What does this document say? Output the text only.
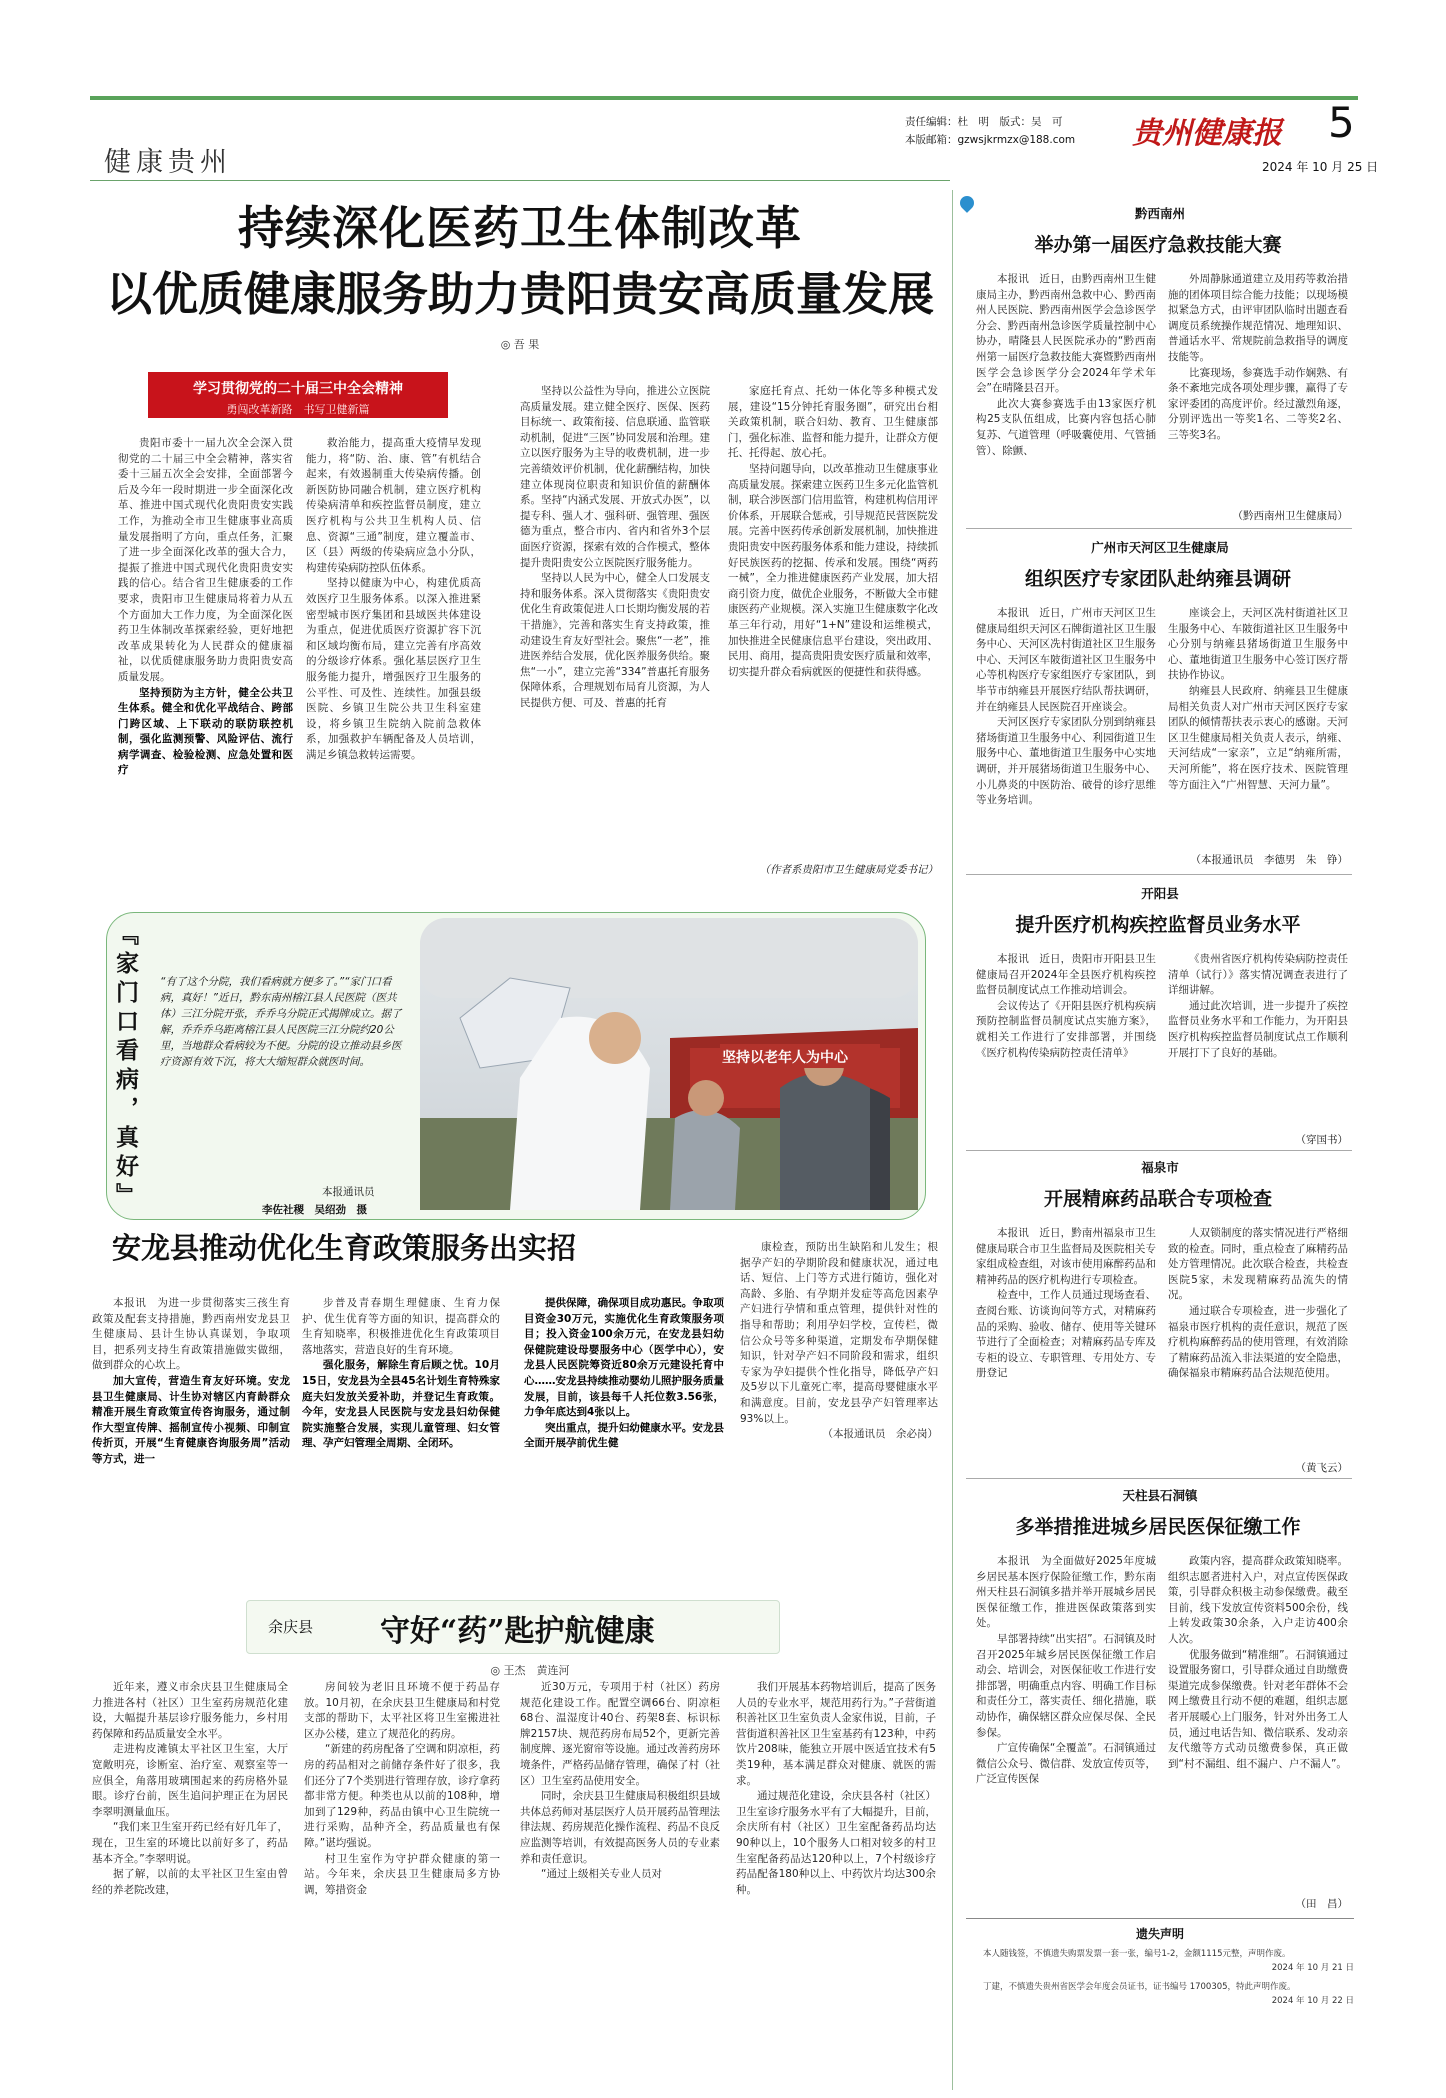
健康贵州
责任编辑：杜　明　版式：吴　可
本版邮箱：gzwsjkrmzx@188.com 贵州健康报 5
2024 年 10 月 25 日
持续深化医药卫生体制改革
以优质健康服务助力贵阳贵安高质量发展
◎ 吾 果
学习贯彻党的二十届三中全会精神
勇闯改革新路　书写卫健新篇

贵阳市委十一届九次全会深入贯彻党的二十届三中全会精神，落实省委十三届五次全会安排，全面部署今后及今年一段时期进一步全面深化改革、推进中国式现代化贵阳贵安实践工作，为推动全市卫生健康事业高质量发展指明了方向，重点任务，汇聚了进一步全面深化改革的强大合力，提振了推进中国式现代化贵阳贵安实践的信心。结合省卫生健康委的工作要求，贵阳市卫生健康局将着力从五个方面加大工作力度，为全面深化医药卫生体制改革探索经验，更好地把改革成果转化为人民群众的健康福祉，以优质健康服务助力贵阳贵安高质量发展。

坚持预防为主方针，健全公共卫生体系。健全和优化平战结合、跨部门跨区域、上下联动的联防联控机制，强化监测预警、风险评估、流行病学调查、检验检测、应急处置和医疗

救治能力，提高重大疫情早发现能力，将“防、治、康、管”有机结合起来，有效遏制重大传染病传播。创新医防协同融合机制，建立医疗机构传染病清单和疾控监督员制度，建立医疗机构与公共卫生机构人员、信息、资源“三通”制度，建立覆盖市、区（县）两级的传染病应急小分队，构建传染病防控队伍体系。

坚持以健康为中心，构建优质高效医疗卫生服务体系。以深入推进紧密型城市医疗集团和县域医共体建设为重点，促进优质医疗资源扩容下沉和区域均衡布局，建立完善有序高效的分级诊疗体系。强化基层医疗卫生服务能力提升，增强医疗卫生服务的公平性、可及性、连续性。加强县级医院、乡镇卫生院公共卫生科室建设，将乡镇卫生院纳入院前急救体系，加强救护车辆配备及人员培训，满足乡镇急救转运需要。

坚持以公益性为导向，推进公立医院高质量发展。建立健全医疗、医保、医药目标统一、政策衔接、信息联通、监管联动机制，促进“三医”协同发展和治理。建立以医疗服务为主导的收费机制，进一步完善绩效评价机制，优化薪酬结构，加快建立体现岗位职责和知识价值的薪酬体系。坚持“内涵式发展、开放式办医”，以提专科、强人才、强科研、强管理、强医德为重点，整合市内、省内和省外3个层面医疗资源，探索有效的合作模式，整体提升贵阳贵安公立医院医疗服务能力。

坚持以人民为中心，健全人口发展支持和服务体系。深入贯彻落实《贵阳贵安优化生育政策促进人口长期均衡发展的若干措施》，完善和落实生育支持政策，推动建设生育友好型社会。聚焦“一老”，推进医养结合发展，优化医养服务供给。聚焦“一小”，建立完善“334”普惠托育服务保障体系，合理规划布局育儿资源，为人民提供方便、可及、普惠的托育

家庭托育点、托幼一体化等多种模式发展，建设“15分钟托育服务圈”，研究出台相关政策机制，联合妇幼、教育、卫生健康部门，强化标准、监督和能力提升，让群众方便托、托得起、放心托。

坚持问题导向，以改革推动卫生健康事业高质量发展。探索建立医药卫生多元化监管机制，联合涉医部门信用监管，构建机构信用评价体系，开展联合惩戒，引导规范民营医院发展。完善中医药传承创新发展机制，加快推进贵阳贵安中医药服务体系和能力建设，持续抓好民族医药的挖掘、传承和发展。围绕“两药一械”，全力推进健康医药产业发展，加大招商引资力度，做优企业服务，不断做大全市健康医药产业规模。深入实施卫生健康数字化改革三年行动，用好“1+N”建设和运维模式，加快推进全民健康信息平台建设，突出政用、民用、商用，提高贵阳贵安医疗质量和效率，切实提升群众看病就医的便捷性和获得感。

（作者系贵阳市卫生健康局党委书记）
『家门口看病，真好』 “有了这个分院，我们看病就方便多了。”“家门口看病，真好！”近日，黔东南州榕江县人民医院（医共体）三江分院开张，乔乔乌分院正式揭牌成立。据了解，乔乔乔乌距离榕江县人民医院三江分院约20公里，当地群众看病较为不便。分院的设立推动县乡医疗资源有效下沉，将大大缩短群众就医时间。
本报通讯员
李佐社稷　吴绍劲　摄
坚持以老年人为中心
安龙县推动优化生育政策服务出实招

本报讯　为进一步贯彻落实三孩生育政策及配套支持措施，黔西南州安龙县卫生健康局、县计生协认真谋划，争取项目，把系列支持生育政策措施做实做细，做到群众的心坎上。

加大宣传，营造生育友好环境。安龙县卫生健康局、计生协对辖区内育龄群众精准开展生育政策宣传咨询服务，通过制作大型宣传牌、摇制宣传小视频、印制宣传折页，开展“生育健康咨询服务周”活动等方式，进一

步普及青春期生理健康、生育力保护、优生优育等方面的知识，提高群众的生育知晓率，积极推进优化生育政策项目落地落实，营造良好的生育环境。

强化服务，解除生育后顾之忧。10月15日，安龙县为全县45名计划生育特殊家庭夫妇发放关爱补助，并登记生育政策。今年，安龙县人民医院与安龙县妇幼保健院实施整合发展，实现儿童管理、妇女管理、孕产妇管理全周期、全闭环。

提供保障，确保项目成功惠民。争取项目资金30万元，实施优化生育政策服务项目；投入资金100余万元，在安龙县妇幼保健院建设母婴服务中心（医学中心），安龙县人民医院筹资近80余万元建设托育中心……安龙县持续推动婴幼儿照护服务质量发展，目前，该县每千人托位数3.56张，力争年底达到4张以上。

突出重点，提升妇幼健康水平。安龙县全面开展孕前优生健

康检查，预防出生缺陷和儿发生；根据孕产妇的孕期阶段和健康状况，通过电话、短信、上门等方式进行随访，强化对高龄、多胎、有孕期并发症等高危因素孕产妇进行孕情和重点管理，提供针对性的指导和帮助；利用孕妇学校，宣传栏，微信公众号等多种渠道，定期发布孕期保健知识，针对孕产妇不同阶段和需求，组织专家为孕妇提供个性化指导，降低孕产妇及5岁以下儿童死亡率，提高母婴健康水平和满意度。目前，安龙县孕产妇管理率达93%以上。

（本报通讯员　余必岗）

余庆县 守好“药”匙护航健康
◎ 王杰　黄连河

近年来，遵义市余庆县卫生健康局全力推进各村（社区）卫生室药房规范化建设，大幅提升基层诊疗服务能力，乡村用药保障和药品质量安全水平。

走进构皮滩镇太平社区卫生室，大厅宽敞明亮，诊断室、治疗室、观察室等一应俱全，角落用玻璃围起来的药房格外显眼。诊疗台前，医生追问护理正在为居民李翠明测量血压。

“我们来卫生室开药已经有好几年了，现在，卫生室的环境比以前好多了，药品基本齐全。”李翠明说。

据了解，以前的太平社区卫生室由曾经的养老院改建，

房间较为老旧且环境不便于药品存放。10月初，在余庆县卫生健康局和村党支部的帮助下，太平社区将卫生室搬进社区办公楼，建立了规范化的药房。

“新建的药房配备了空调和阴凉柜，药房的药品相对之前储存条件好了很多，我们还分了7个类别进行管理存放，诊疗拿药都非常方便。种类也从以前的108种，增加到了129种，药品由镇中心卫生院统一进行采购，品种齐全，药品质量也有保障。”谌均强说。

村卫生室作为守护群众健康的第一站。今年来，余庆县卫生健康局多方协调，筹措资金

近30万元，专项用于村（社区）药房规范化建设工作。配置空调66台、阴凉柜68台、温湿度计40台、药架8套、标识标牌2157块、规范药房布局52个，更新完善制度牌、逐光窗帘等设施。通过改善药房环境条件，严格药品储存管理，确保了村（社区）卫生室药品使用安全。

同时，余庆县卫生健康局积极组织县域共体总药师对基层医疗人员开展药品管理法律法规、药房规范化操作流程、药品不良反应监测等培训，有效提高医务人员的专业素养和责任意识。

“通过上级相关专业人员对

我们开展基本药物培训后，提高了医务人员的专业水平，规范用药行为。”子营街道积善社区卫生室负责人金家伟说，目前，子营街道积善社区卫生室基药有123种，中药饮片208味，能独立开展中医适宜技术有5类19种，基本满足群众对健康、就医的需求。

通过规范化建设，余庆县各村（社区）卫生室诊疗服务水平有了大幅提升，目前，余庆所有村（社区）卫生室配备药品均达90种以上，10个服务人口相对较多的村卫生室配备药品达120种以上，7个村级诊疗药品配备180种以上、中药饮片均达300余种。

黔西南州
举办第一届医疗急救技能大赛

本报讯　近日，由黔西南州卫生健康局主办，黔西南州急救中心、黔西南州人民医院、黔西南州医学会急诊医学分会、黔西南州急诊医学质量控制中心协办，晴隆县人民医院承办的“黔西南州第一届医疗急救技能大赛暨黔西南州医学会急诊医学分会2024年学术年会”在晴隆县召开。

此次大赛参赛选手由13家医疗机构25支队伍组成，比赛内容包括心肺复苏、气道管理（呼吸囊使用、气管插管）、除颤、

外周静脉通道建立及用药等救治措施的团体项目综合能力技能；以现场模拟紧急方式，由评审团队临时出题查看调度员系统操作规范情况、地理知识、普通话水平、常规院前急救指导的调度技能等。

比赛现场，参赛选手动作娴熟、有条不紊地完成各项处理步骤，赢得了专家评委团的高度评价。经过激烈角逐，分别评选出一等奖1名、二等奖2名、三等奖3名。

（黔西南州卫生健康局）
广州市天河区卫生健康局
组织医疗专家团队赴纳雍县调研

本报讯　近日，广州市天河区卫生健康局组织天河区石牌街道社区卫生服务中心、天河区冼村街道社区卫生服务中心、天河区车陂街道社区卫生服务中心等机构医疗专家组医疗专家团队，到毕节市纳雍县开展医疗结队帮扶调研，并在纳雍县人民医院召开座谈会。

天河区医疗专家团队分别到纳雍县猪场街道卫生服务中心、利园街道卫生服务中心、董地街道卫生服务中心实地调研，并开展猪场街道卫生服务中心、小儿鼻炎的中医防治、破骨的诊疗思维等业务培训。

座谈会上，天河区冼村街道社区卫生服务中心、车陂街道社区卫生服务中心分别与纳雍县猪场街道卫生服务中心、董地街道卫生服务中心签订医疗帮扶协作协议。

纳雍县人民政府、纳雍县卫生健康局相关负责人对广州市天河区医疗专家团队的倾情帮扶表示衷心的感谢。天河区卫生健康局相关负责人表示，纳雍、天河结成“一家亲”，立足“纳雍所需，天河所能”，将在医疗技术、医院管理等方面注入“广州智慧、天河力量”。

（本报通讯员　李德男　朱　铮）
开阳县
提升医疗机构疾控监督员业务水平

本报讯　近日，贵阳市开阳县卫生健康局召开2024年全县医疗机构疾控监督员制度试点工作推动培训会。

会议传达了《开阳县医疗机构疾病预防控制监督员制度试点实施方案》，就相关工作进行了安排部署，并围绕《医疗机构传染病防控责任清单》

《贵州省医疗机构传染病防控责任清单（试行）》落实情况调查表进行了详细讲解。

通过此次培训，进一步提升了疾控监督员业务水平和工作能力，为开阳县医疗机构疾控监督员制度试点工作顺利开展打下了良好的基础。

（穿国书）
福泉市
开展精麻药品联合专项检查

本报讯　近日，黔南州福泉市卫生健康局联合市卫生监督局及医院相关专家组成检查组，对该市使用麻醉药品和精神药品的医疗机构进行专项检查。

检查中，工作人员通过现场查看、查阅台账、访谈询问等方式，对精麻药品的采购、验收、储存、使用等关键环节进行了全面检查；对精麻药品专库及专柜的设立、专职管理、专用处方、专册登记

人双锁制度的落实情况进行严格细致的检查。同时，重点检查了麻精药品处方管理情况。此次联合检查，共检查医院5家，未发现精麻药品流失的情况。

通过联合专项检查，进一步强化了福泉市医疗机构的责任意识，规范了医疗机构麻醉药品的使用管理，有效消除了精麻药品流入非法渠道的安全隐患，确保福泉市精麻药品合法规范使用。

（黄飞云）
天柱县石洞镇
多举措推进城乡居民医保征缴工作

本报讯　为全面做好2025年度城乡居民基本医疗保险征缴工作，黔东南州天柱县石洞镇多措并举开展城乡居民医保征缴工作，推进医保政策落到实处。

早部署持续“出实招”。石洞镇及时召开2025年城乡居民医保征缴工作启动会、培训会，对医保征收工作进行安排部署，明确重点内容、明确工作目标和责任分工，落实责任、细化措施，联动协作，确保辖区群众应保尽保、全民参保。

广宣传确保“全覆盖”。石洞镇通过微信公众号、微信群、发放宣传页等，广泛宣传医保

政策内容，提高群众政策知晓率。组织志愿者进村入户，对点宣传医保政策，引导群众积极主动参保缴费。截至目前，线下发放宣传资料500余份，线上转发政策30余条，入户走访400余人次。

优服务做到“精准细”。石洞镇通过设置服务窗口，引导群众通过自助缴费渠道完成参保缴费。针对老年群体不会网上缴费且行动不便的难题，组织志愿者开展暖心上门服务，针对外出务工人员，通过电话告知、微信联系、发动亲友代缴等方式动员缴费参保，真正做到“村不漏组、组不漏户、户不漏人”。

（田　昌）
遗失声明
本人随钱签，不慎遗失购票发票一套一张，编号1-2，金额1115元整，声明作废。
2024 年 10 月 21 日
丁建，不慎遗失贵州省医学会年度会员证书，证书编号 1700305，特此声明作废。
2024 年 10 月 22 日
